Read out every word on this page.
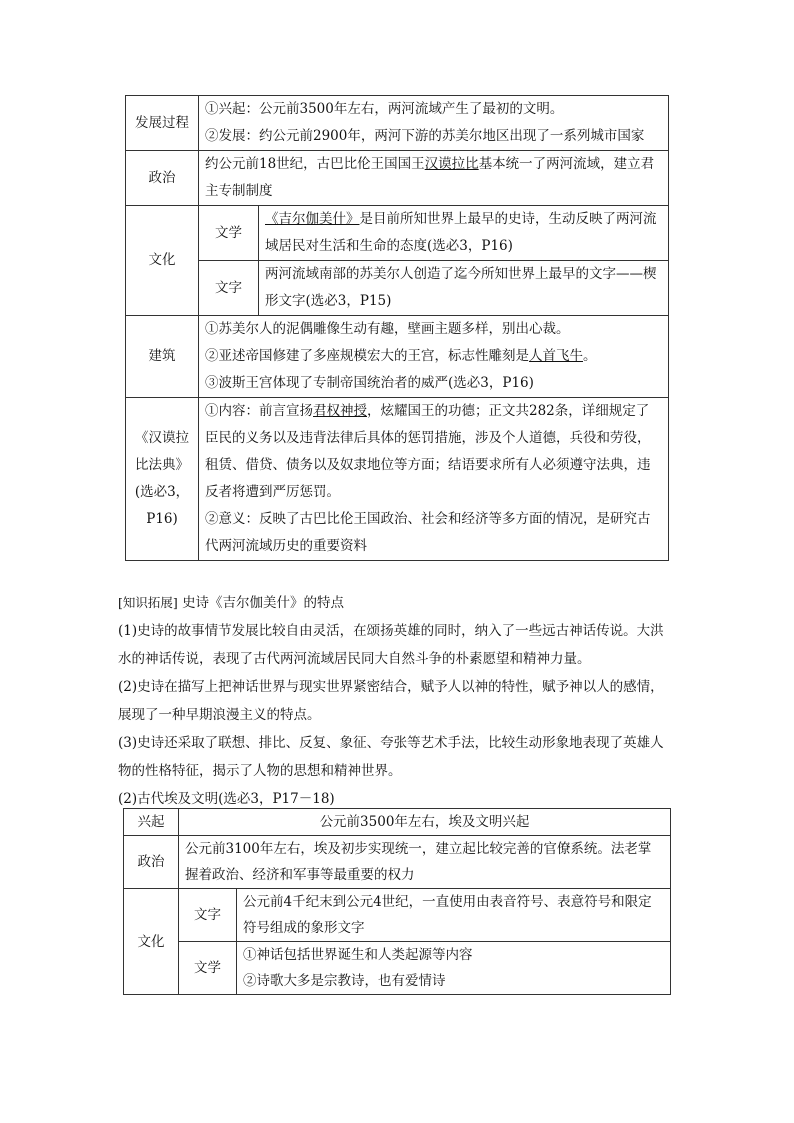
发展过程	①兴起：公元前3500年左右，两河流域产生了最初的文明。
②发展：约公元前2900年，两河下游的苏美尔地区出现了一系列城市国家	

政治	约公元前18世纪，古巴比伦王国国王汉谟拉比基本统一了两河流域，建立君主专制制度	
文化	文学	《吉尔伽美什》是目前所知世界上最早的史诗，生动反映了两河流域居民对生活和生命的态度(选必3，P16)
	文字	两河流域南部的苏美尔人创造了迄今所知世界上最早的文字——楔形文字(选必3，P15)
建筑	①苏美尔人的泥偶雕像生动有趣，壁画主题多样，别出心裁。
②亚述帝国修建了多座规模宏大的王宫，标志性雕刻是人首飞牛。
③波斯王宫体现了专制帝国统治者的威严(选必3，P16)	

《汉谟拉比法典》(选必3，P16)	①内容：前言宣扬君权神授，炫耀国王的功德；正文共282条，详细规定了臣民的义务以及违背法律后具体的惩罚措施，涉及个人道德，兵役和劳役，租赁、借贷、债务以及奴隶地位等方面；结语要求所有人必须遵守法典，违反者将遭到严厉惩罚。
②意义：反映了古巴比伦王国政治、社会和经济等多方面的情况，是研究古代两河流域历史的重要资料	

[知识拓展] 史诗《吉尔伽美什》的特点

(1)史诗的故事情节发展比较自由灵活，在颂扬英雄的同时，纳入了一些远古神话传说。大洪水的神话传说，表现了古代两河流域居民同大自然斗争的朴素愿望和精神力量。

(2)史诗在描写上把神话世界与现实世界紧密结合，赋予人以神的特性，赋予神以人的感情，展现了一种早期浪漫主义的特点。

(3)史诗还采取了联想、排比、反复、象征、夸张等艺术手法，比较生动形象地表现了英雄人物的性格特征，揭示了人物的思想和精神世界。

(2)古代埃及文明(选必3，P17－18)

兴起	公元前3500年左右，埃及文明兴起	
政治	公元前3100年左右，埃及初步实现统一，建立起比较完善的官僚系统。法老掌握着政治、经济和军事等最重要的权力	
文化	文字	公元前4千纪末到公元4世纪，一直使用由表音符号、表意符号和限定符号组成的象形文字
	文学	①神话包括世界诞生和人类起源等内容
②诗歌大多是宗教诗，也有爱情诗
